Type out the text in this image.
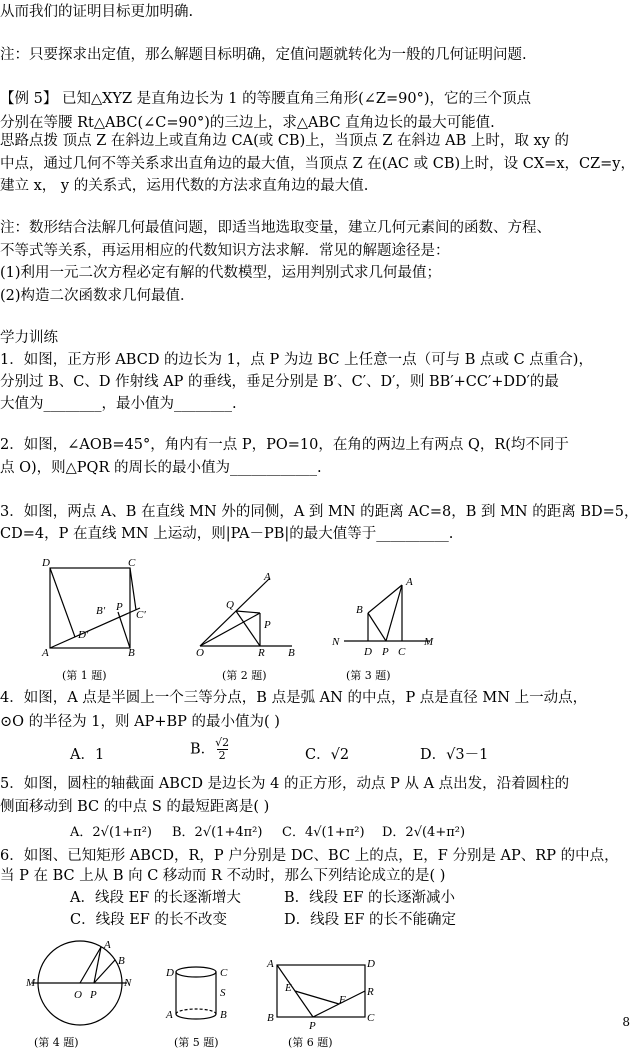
从而我们的证明目标更加明确.
注：只要探求出定值，那么解题目标明确，定值问题就转化为一般的几何证明问题.
【例 5】 已知△XYZ 是直角边长为 1 的等腰直角三角形(∠Z=90°)，它的三个顶点
分别在等腰 Rt△ABC(∠C=90°)的三边上，求△ABC 直角边长的最大可能值.
思路点拨 顶点 Z 在斜边上或直角边 CA(或 CB)上，当顶点 Z 在斜边 AB 上时，取 xy 的
中点，通过几何不等关系求出直角边的最大值，当顶点 Z 在(AC 或 CB)上时，设 CX=x，CZ=y，
建立 x， y 的关系式，运用代数的方法求直角边的最大值.
注：数形结合法解几何最值问题，即适当地选取变量，建立几何元素间的函数、方程、
不等式等关系，再运用相应的代数知识方法求解．常见的解题途径是：
(1)利用一元二次方程必定有解的代数模型，运用判别式求几何最值；
(2)构造二次函数求几何最值．
学力训练
1．如图，正方形 ABCD 的边长为 1，点 P 为边 BC 上任意一点（可与 B 点或 C 点重合)，
分别过 B、C、D 作射线 AP 的垂线，垂足分别是 B′、C′、D′，则 BB′+CC′+DD′的最
大值为________，最小值为________.
2．如图，∠AOB=45°，角内有一点 P，PO=10，在角的两边上有两点 Q，R(均不同于
点 O)，则△PQR 的周长的最小值为____________.
3．如图，两点 A、B 在直线 MN 外的同侧，A 到 MN 的距离 AC=8，B 到 MN 的距离 BD=5，
CD=4，P 在直线 MN 上运动，则|PA－PB|的最大值等于__________.
D	C
B′ P
C′
D′
A	B
A
Q
P
R
O	B
A
B
N
D P C
M
(第 1 题)	(第 2 题)	(第 3 题)
4．如图，A 点是半圆上一个三等分点，B 点是弧 AN 的中点，P 点是直径 MN 上一动点，
⊙O 的半径为 1，则 AP+BP 的最小值为( )
A．1	B．$\frac{√2}{2}$	C．√2	D．√3－1
5．如图，圆柱的轴截面 ABCD 是边长为 4 的正方形，动点 P 从 A 点出发，沿着圆柱的
侧面移动到 BC 的中点 S 的最短距离是( )
A．2√(1+π²) B．2√(1+4π²) C．4√(1+π²) D．2√(4+π²)
6．如图、已知矩形 ABCD，R，P 户分别是 DC、BC 上的点，E，F 分别是 AP、RP 的中点，
当 P 在 BC 上从 B 向 C 移动而 R 不动时，那么下列结论成立的是( )
A．线段 EF 的长逐渐增大	B．线段 EF 的长逐渐减小
C．线段 EF 的长不改变	D．线段 EF 的长不能确定
A
B
M
O P
N
D	C
S
A	B
A	D
E
F
R
B
P
C
(第 4 题)	(第 5 题)	(第 6 题)
8
